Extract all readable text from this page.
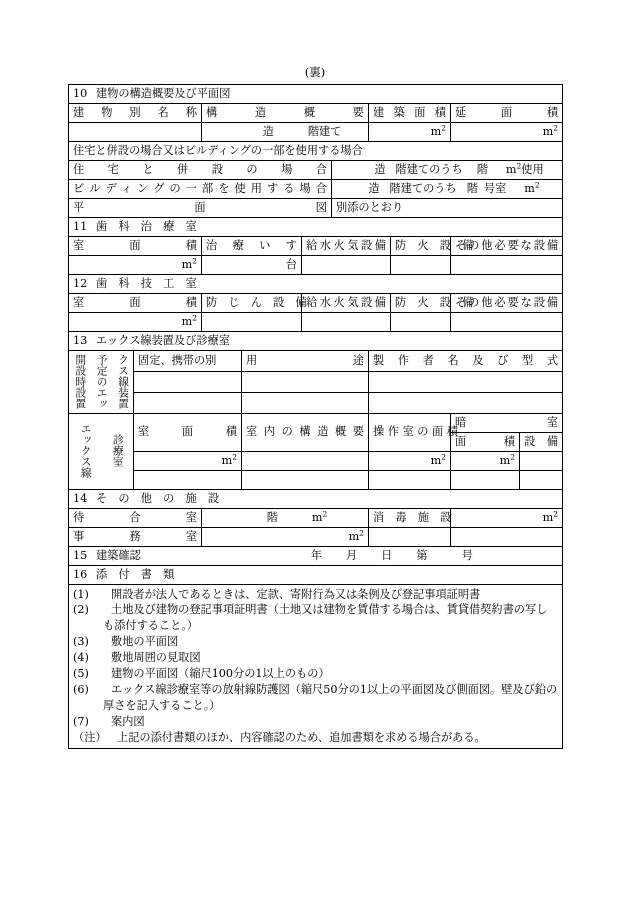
(裏)
10 建物の構造概要及び平面図									
建 物 別 名 称		構　　　造　　　概　　　要				建 築 面 積		延　面　積	
		造 階建て				$m^2$		$m^2$
住宅と併設の場合又はビルディングの一部を使用する場合									
住　宅　と　併　設　の　場　合					造 階建てのうち 階 $m^2$使用				
ビルディングの一部を使用する場合					造 階建てのうち 階 号室 $m^2$
平　　　　　　面　　　　　　図					別添のとおり				
11 歯　科　治　療　室									
室　面　積		治　療　い　す		給水火気設備			防　火　設　備	その他必要な設備	
$m^2$		台							
12 歯　科　技　工　室									
室　面　積		防　じ　ん　設　備		給水火気設備			防　火　設　備	その他必要な設備	
$m^2$				
13 エックス線装置及び診療室									

開設時設置 予定のエッ クス線装置	固定、携帯の別		用　　　　　　途			製　作　者　名　及　び　型　式			

エックス線 診療室	室　面　積		室 内 の 構 造 概 要			操 作 室 の 面 積		暗　　　　　　室	
								面　積	設　備
	$m^2$					$m^2$		$m^2$	

14 そ　の　他　の　施　設									
待　　合　　室		階 $m^2$				消　毒　施　設		$m^2$
事　　務　　室		$m^2$		
15 建築確認 年 月 日 第 号									
16 添　付　書　類									

(1)	開設者が法人であるときは、定款、寄附行為又は条例及び登記事項証明書
(2)	土地及び建物の登記事項証明書（土地又は建物を賃借する場合は、賃貸借契約書の写しも添付すること。）
(3)	敷地の平面図
(4)	敷地周囲の見取図
(5)	建物の平面図（縮尺100分の1以上のもの）
(6)	エックス線診療室等の放射線防護図（縮尺50分の1以上の平面図及び側面図。壁及び鉛の厚さを記入すること。）
(7)	案内図
（注） 上記の添付書類のほか、内容確認のため、追加書類を求める場合がある。
